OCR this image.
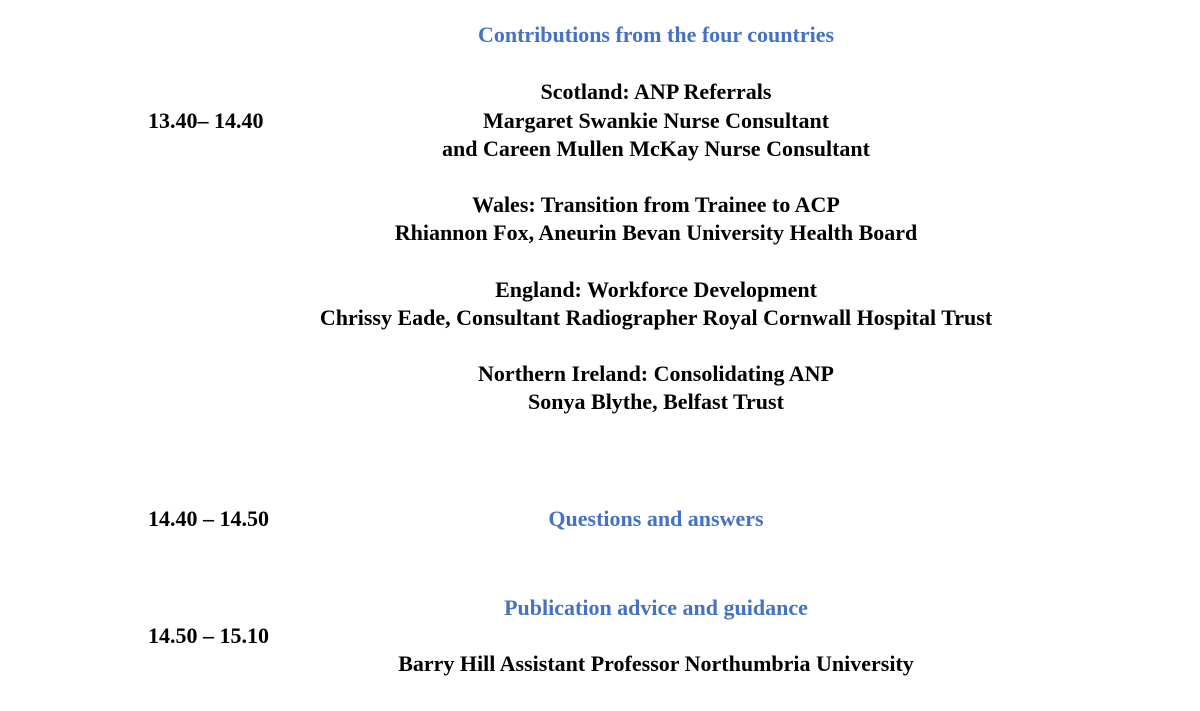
Contributions from the four countries
13.40– 14.40
Scotland: ANP Referrals
Margaret Swankie Nurse Consultant
and Careen Mullen McKay Nurse Consultant
Wales: Transition from Trainee to ACP
Rhiannon Fox, Aneurin Bevan University Health Board
England: Workforce Development
Chrissy Eade, Consultant Radiographer Royal Cornwall Hospital Trust
Northern Ireland: Consolidating ANP
Sonya Blythe, Belfast Trust
14.40 – 14.50	Questions and answers
Publication advice and guidance
14.50 – 15.10
Barry Hill Assistant Professor Northumbria University
